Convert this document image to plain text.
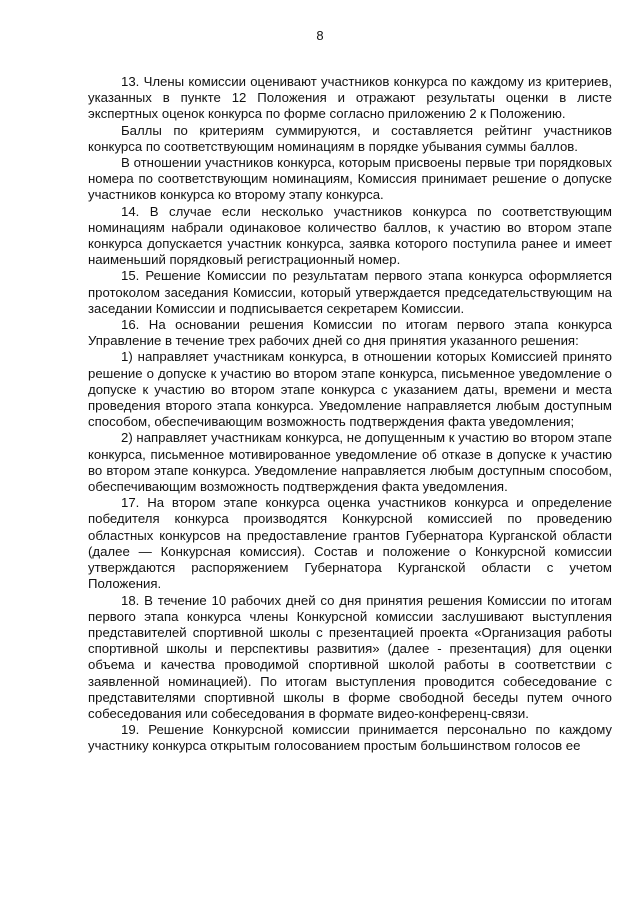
8

13. Члены комиссии оценивают участников конкурса по каждому из критериев, указанных в пункте 12 Положения и отражают результаты оценки в листе экспертных оценок конкурса по форме согласно приложению 2 к Положению.

Баллы по критериям суммируются, и составляется рейтинг участников конкурса по соответствующим номинациям в порядке убывания суммы баллов.

В отношении участников конкурса, которым присвоены первые три порядковых номера по соответствующим номинациям, Комиссия принимает решение о допуске участников конкурса ко второму этапу конкурса.

14. В случае если несколько участников конкурса по соответствующим номинациям набрали одинаковое количество баллов, к участию во втором этапе конкурса допускается участник конкурса, заявка которого поступила ранее и имеет наименьший порядковый регистрационный номер.

15. Решение Комиссии по результатам первого этапа конкурса оформляется протоколом заседания Комиссии, который утверждается председательствующим на заседании Комиссии и подписывается секретарем Комиссии.

16. На основании решения Комиссии по итогам первого этапа конкурса Управление в течение трех рабочих дней со дня принятия указанного решения:

1) направляет участникам конкурса, в отношении которых Комиссией принято решение о допуске к участию во втором этапе конкурса, письменное уведомление о допуске к участию во втором этапе конкурса с указанием даты, времени и места проведения второго этапа конкурса. Уведомление направляется любым доступным способом, обеспечивающим возможность подтверждения факта уведомления;

2) направляет участникам конкурса, не допущенным к участию во втором этапе конкурса, письменное мотивированное уведомление об отказе в допуске к участию во втором этапе конкурса. Уведомление направляется любым доступным способом, обеспечивающим возможность подтверждения факта уведомления.

17. На втором этапе конкурса оценка участников конкурса и определение победителя конкурса производятся Конкурсной комиссией по проведению областных конкурсов на предоставление грантов Губернатора Курганской области (далее — Конкурсная комиссия). Состав и положение о Конкурсной комиссии утверждаются распоряжением Губернатора Курганской области с учетом Положения.

18. В течение 10 рабочих дней со дня принятия решения Комиссии по итогам первого этапа конкурса члены Конкурсной комиссии заслушивают выступления представителей спортивной школы с презентацией проекта «Организация работы спортивной школы и перспективы развития» (далее - презентация) для оценки объема и качества проводимой спортивной школой работы в соответствии с заявленной номинацией). По итогам выступления проводится собеседование с представителями спортивной школы в форме свободной беседы путем очного собеседования или собеседования в формате видео-конференц-связи.

19. Решение Конкурсной комиссии принимается персонально по каждому участнику конкурса открытым голосованием простым большинством голосов ее
